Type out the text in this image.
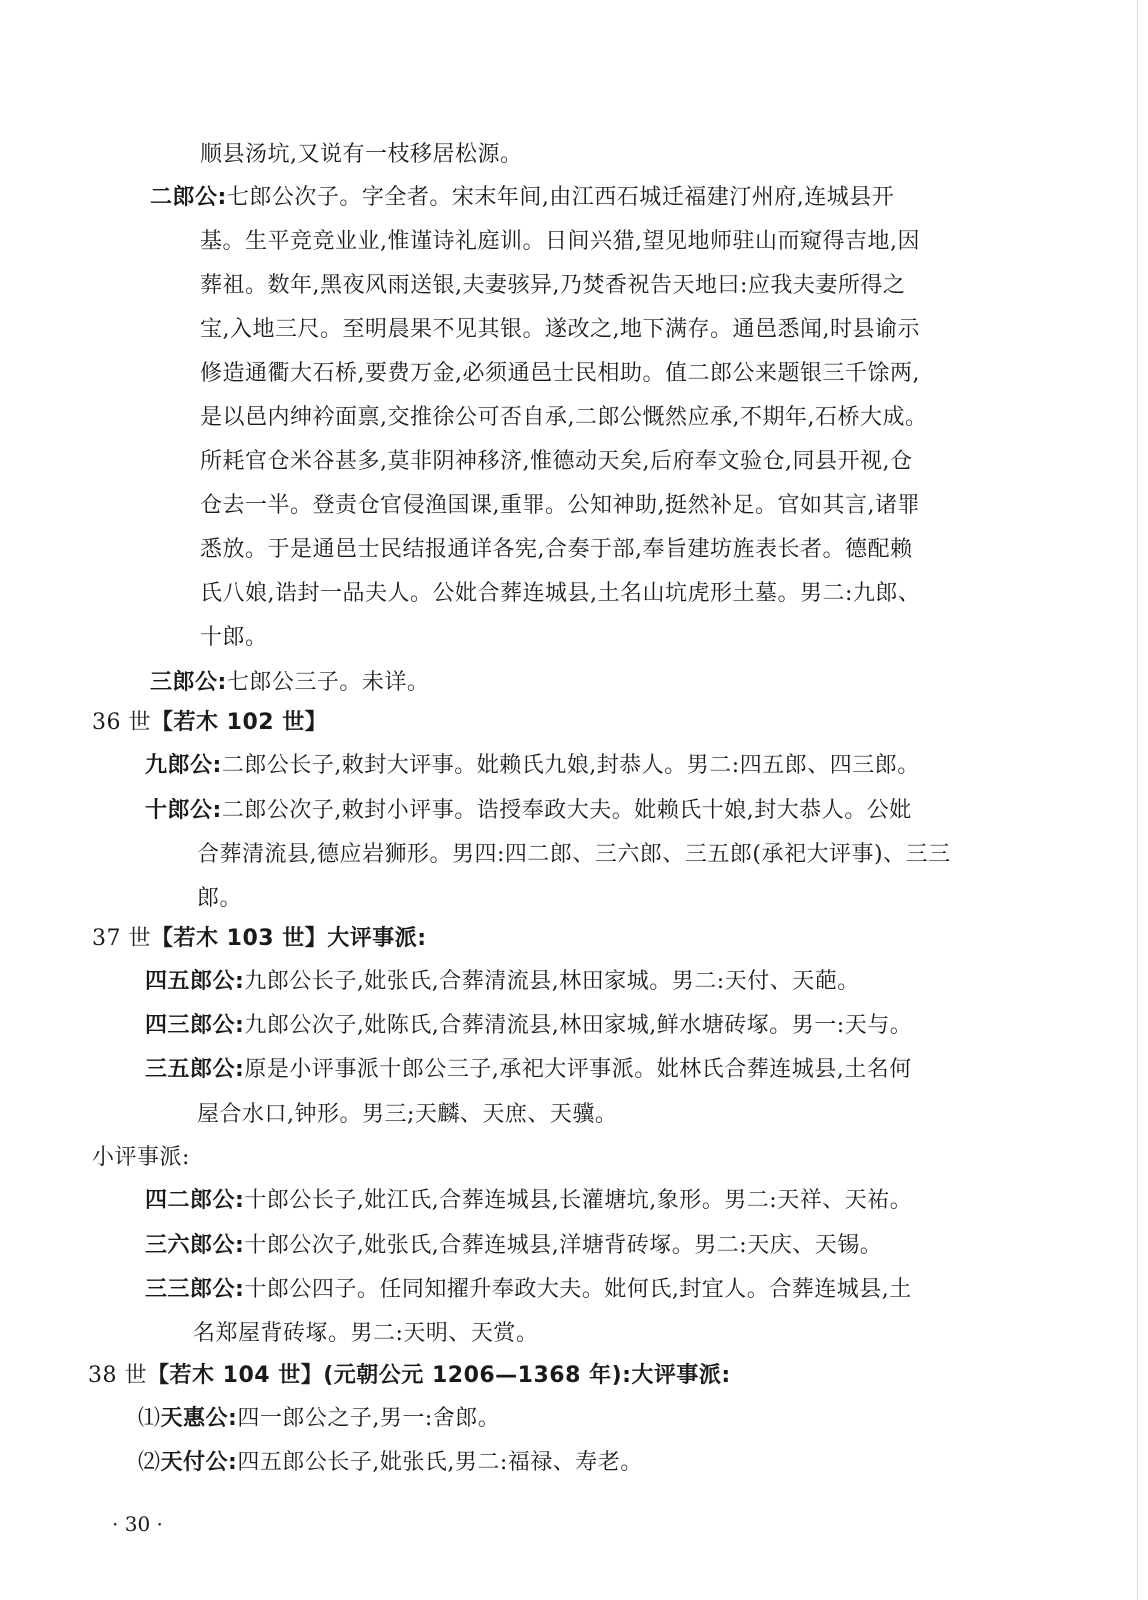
顺县汤坑,又说有一枝移居松源。
二郎公:七郎公次子。字全者。宋末年间,由江西石城迁福建汀州府,连城县开
基。生平竞竞业业,惟谨诗礼庭训。日间兴猎,望见地师驻山而窥得吉地,因
葬祖。数年,黑夜风雨送银,夫妻骇异,乃焚香祝告天地曰:应我夫妻所得之
宝,入地三尺。至明晨果不见其银。遂改之,地下满存。通邑悉闻,时县谕示
修造通衢大石桥,要费万金,必须通邑士民相助。值二郎公来题银三千馀两,
是以邑内绅衿面禀,交推徐公可否自承,二郎公慨然应承,不期年,石桥大成。
所耗官仓米谷甚多,莫非阴神移济,惟德动天矣,后府奉文验仓,同县开视,仓
仓去一半。登责仓官侵渔国课,重罪。公知神助,挺然补足。官如其言,诸罪
悉放。于是通邑士民结报通详各宪,合奏于部,奉旨建坊旌表长者。德配赖
氏八娘,诰封一品夫人。公妣合葬连城县,土名山坑虎形土墓。男二:九郎、
十郎。
三郎公:七郎公三子。未详。
36 世【若木 102 世】
九郎公:二郎公长子,敕封大评事。妣赖氏九娘,封恭人。男二:四五郎、四三郎。
十郎公:二郎公次子,敕封小评事。诰授奉政大夫。妣赖氏十娘,封大恭人。公妣
合葬清流县,德应岩狮形。男四:四二郎、三六郎、三五郎(承祀大评事)、三三
郎。
37 世【若木 103 世】大评事派:
四五郎公:九郎公长子,妣张氏,合葬清流县,林田家城。男二:天付、天葩。
四三郎公:九郎公次子,妣陈氏,合葬清流县,林田家城,鲜水塘砖塚。男一:天与。
三五郎公:原是小评事派十郎公三子,承祀大评事派。妣林氏合葬连城县,土名何
屋合水口,钟形。男三;天麟、天庶、天骥。
小评事派:
四二郎公:十郎公长子,妣江氏,合葬连城县,长灌塘坑,象形。男二:天祥、天祐。
三六郎公:十郎公次子,妣张氏,合葬连城县,洋塘背砖塚。男二:天庆、天锡。
三三郎公:十郎公四子。任同知擢升奉政大夫。妣何氏,封宜人。合葬连城县,土
名郑屋背砖塚。男二:天明、天赏。
38 世【若木 104 世】(元朝公元 1206—1368 年):大评事派:
⑴天惠公:四一郎公之子,男一:舍郎。
⑵天付公:四五郎公长子,妣张氏,男二:福禄、寿老。
· 30 ·
